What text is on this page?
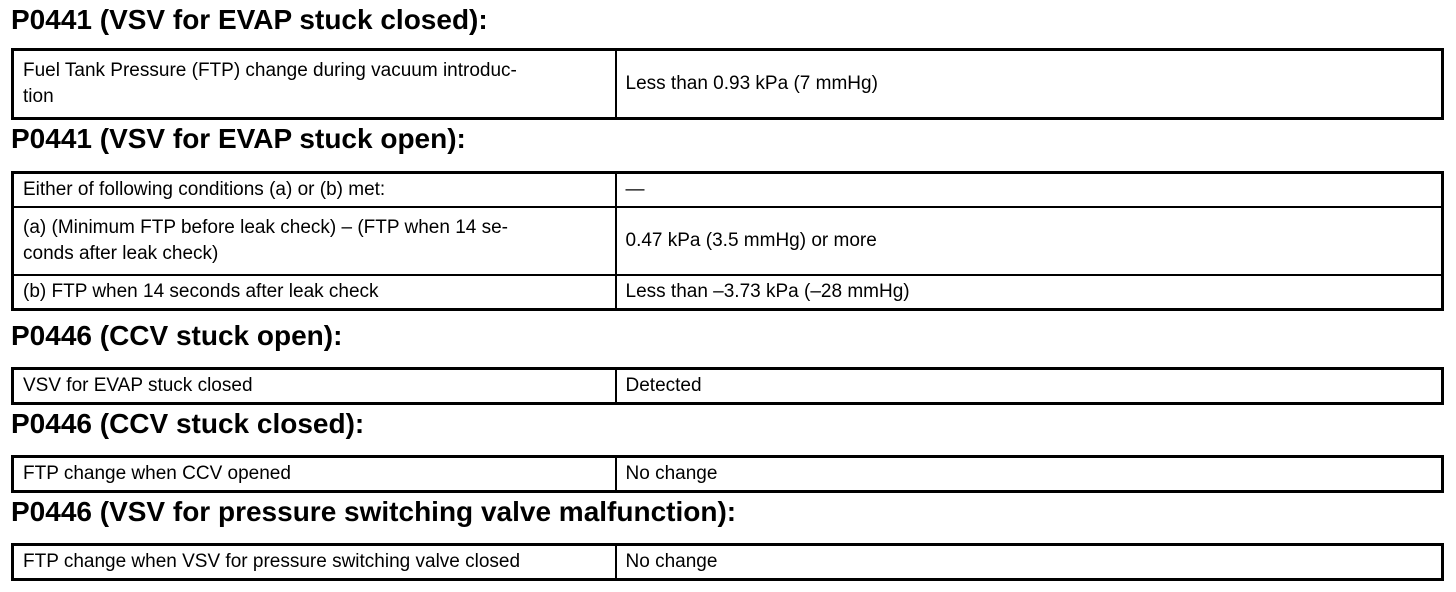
P0441 (VSV for EVAP stuck closed):
Fuel Tank Pressure (FTP) change during vacuum introduc-
tion	Less than 0.93 kPa (7 mmHg)
P0441 (VSV for EVAP stuck open):
Either of following conditions (a) or (b) met:	—
(a) (Minimum FTP before leak check) – (FTP when 14 se-
conds after leak check)	0.47 kPa (3.5 mmHg) or more
(b) FTP when 14 seconds after leak check	Less than –3.73 kPa (–28 mmHg)
P0446 (CCV stuck open):
VSV for EVAP stuck closed	Detected
P0446 (CCV stuck closed):
FTP change when CCV opened	No change
P0446 (VSV for pressure switching valve malfunction):
FTP change when VSV for pressure switching valve closed	No change
